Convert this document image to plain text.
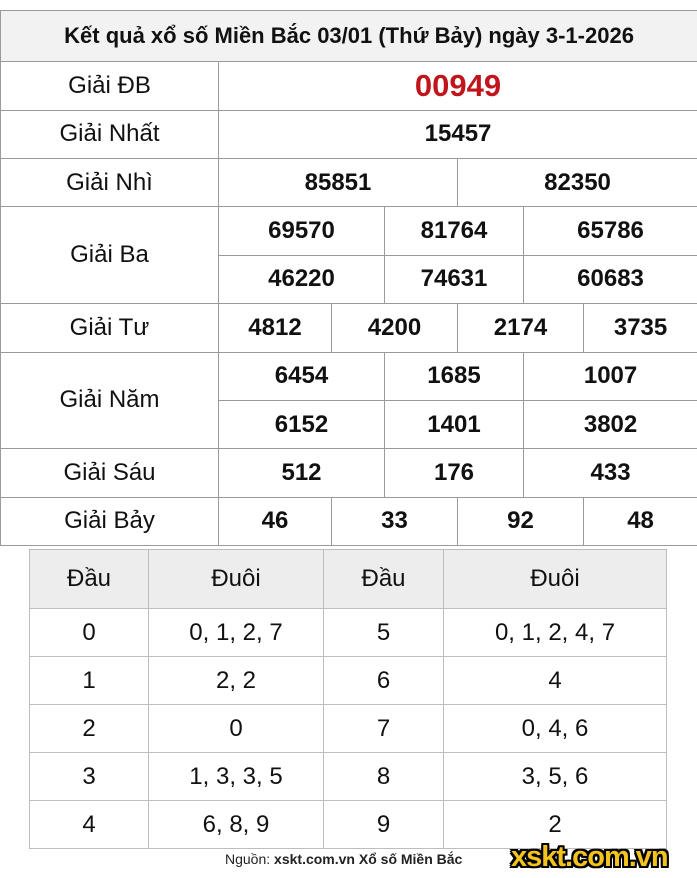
Kết quả xổ số Miền Bắc 03/01 (Thứ Bảy) ngày 3-1-2026						
Giải ĐB	00949					
Giải Nhất	15457					
Giải Nhì	85851			82350		
Giải Ba	69570		81764		65786	
	46220		74631		60683	
Giải Tư	4812	4200		2174		3735
Giải Năm	6454		1685		1007	
	6152		1401		3802	
Giải Sáu	512		176		433	
Giải Bảy	46	33		92		48
Đầu	Đuôi	Đầu	Đuôi
0	0, 1, 2, 7	5	0, 1, 2, 4, 7
1	2, 2	6	4
2	0	7	0, 4, 6
3	1, 3, 3, 5	8	3, 5, 6
4	6, 8, 9	9	2
Nguồn: xskt.com.vn Xổ số Miền Bắc xskt.com.vn
